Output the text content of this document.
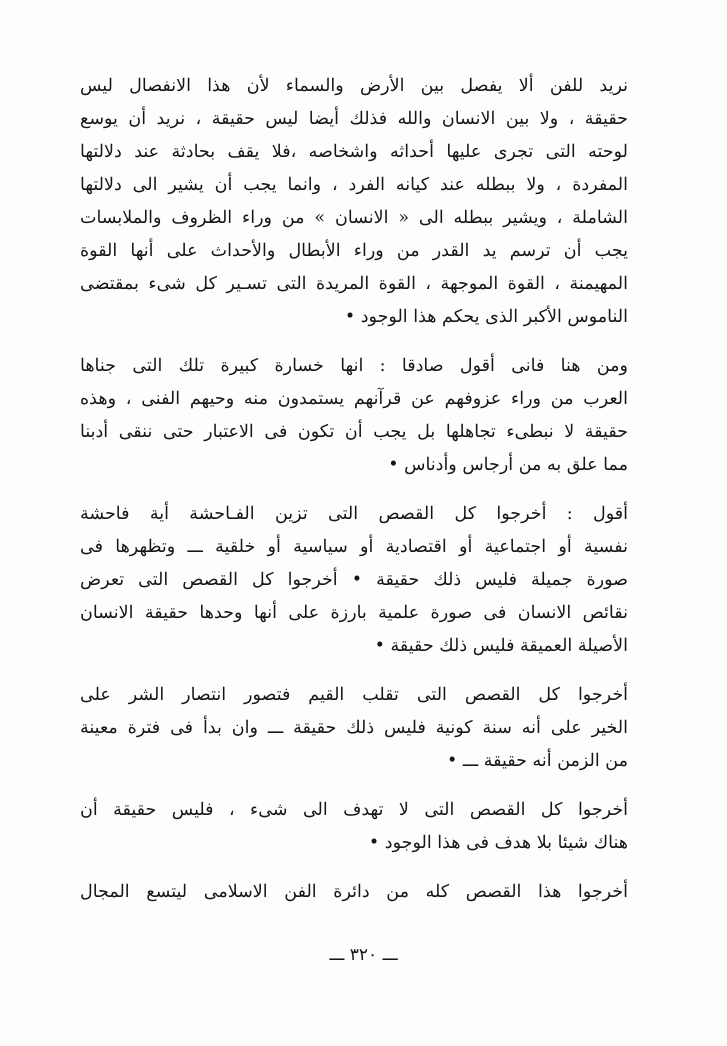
نريد للفن ألا يفصل بين الأرض والسماء لأن هذا الانفصال ليس
حقيقة ، ولا بين الانسان والله فذلك أيضا ليس حقيقة ، نريد أن يوسع
لوحته التى تجرى عليها أحداثه واشخاصه ،فلا يقف بحادثة عند دلالتها
المفردة ، ولا ببطله عند كيانه الفرد ، وانما يجب أن يشير الى دلالتها
الشاملة ، ويشير ببطله الى « الانسان » من وراء الظروف والملابسات
يجب أن ترسم يد القدر من وراء الأبطال والأحداث على أنها القوة
المهيمنة ، القوة الموجهة ، القوة المريدة التى تسـير كل شىء بمقتضى
الناموس الأكبر الذى يحكم هذا الوجود •
ومن هنا فانى أقول صادقا : انها خسارة كبيرة تلك التى جناها
العرب من وراء عزوفهم عن قرآنهم يستمدون منه وحيهم الفنى ، وهذه
حقيقة لا نبطىء تجاهلها بل يجب أن تكون فى الاعتبار حتى ننقى أدبنا
مما علق به من أرجاس وأدناس •
أقول : أخرجوا كل القصص التى تزين الفـاحشة أية فاحشة
نفسية أو اجتماعية أو اقتصادية أو سياسية أو خلقية ـــ وتظهرها فى
صورة جميلة فليس ذلك حقيقة • أخرجوا كل القصص التى تعرض
نقائص الانسان فى صورة علمية بارزة على أنها وحدها حقيقة الانسان
الأصيلة العميقة فليس ذلك حقيقة •
أخرجوا كل القصص التى تقلب القيم فتصور انتصار الشر على
الخير على أنه سنة كونية فليس ذلك حقيقة ـــ وان بدأ فى فترة معينة
من الزمن أنه حقيقة ـــ •
أخرجوا كل القصص التى لا تهدف الى شىء ، فليس حقيقة أن
هناك شيئا بلا هدف فى هذا الوجود •
أخرجوا هذا القصص كله من دائرة الفن الاسلامى ليتسع المجال
ـــ ٣٢٠ ـــ
